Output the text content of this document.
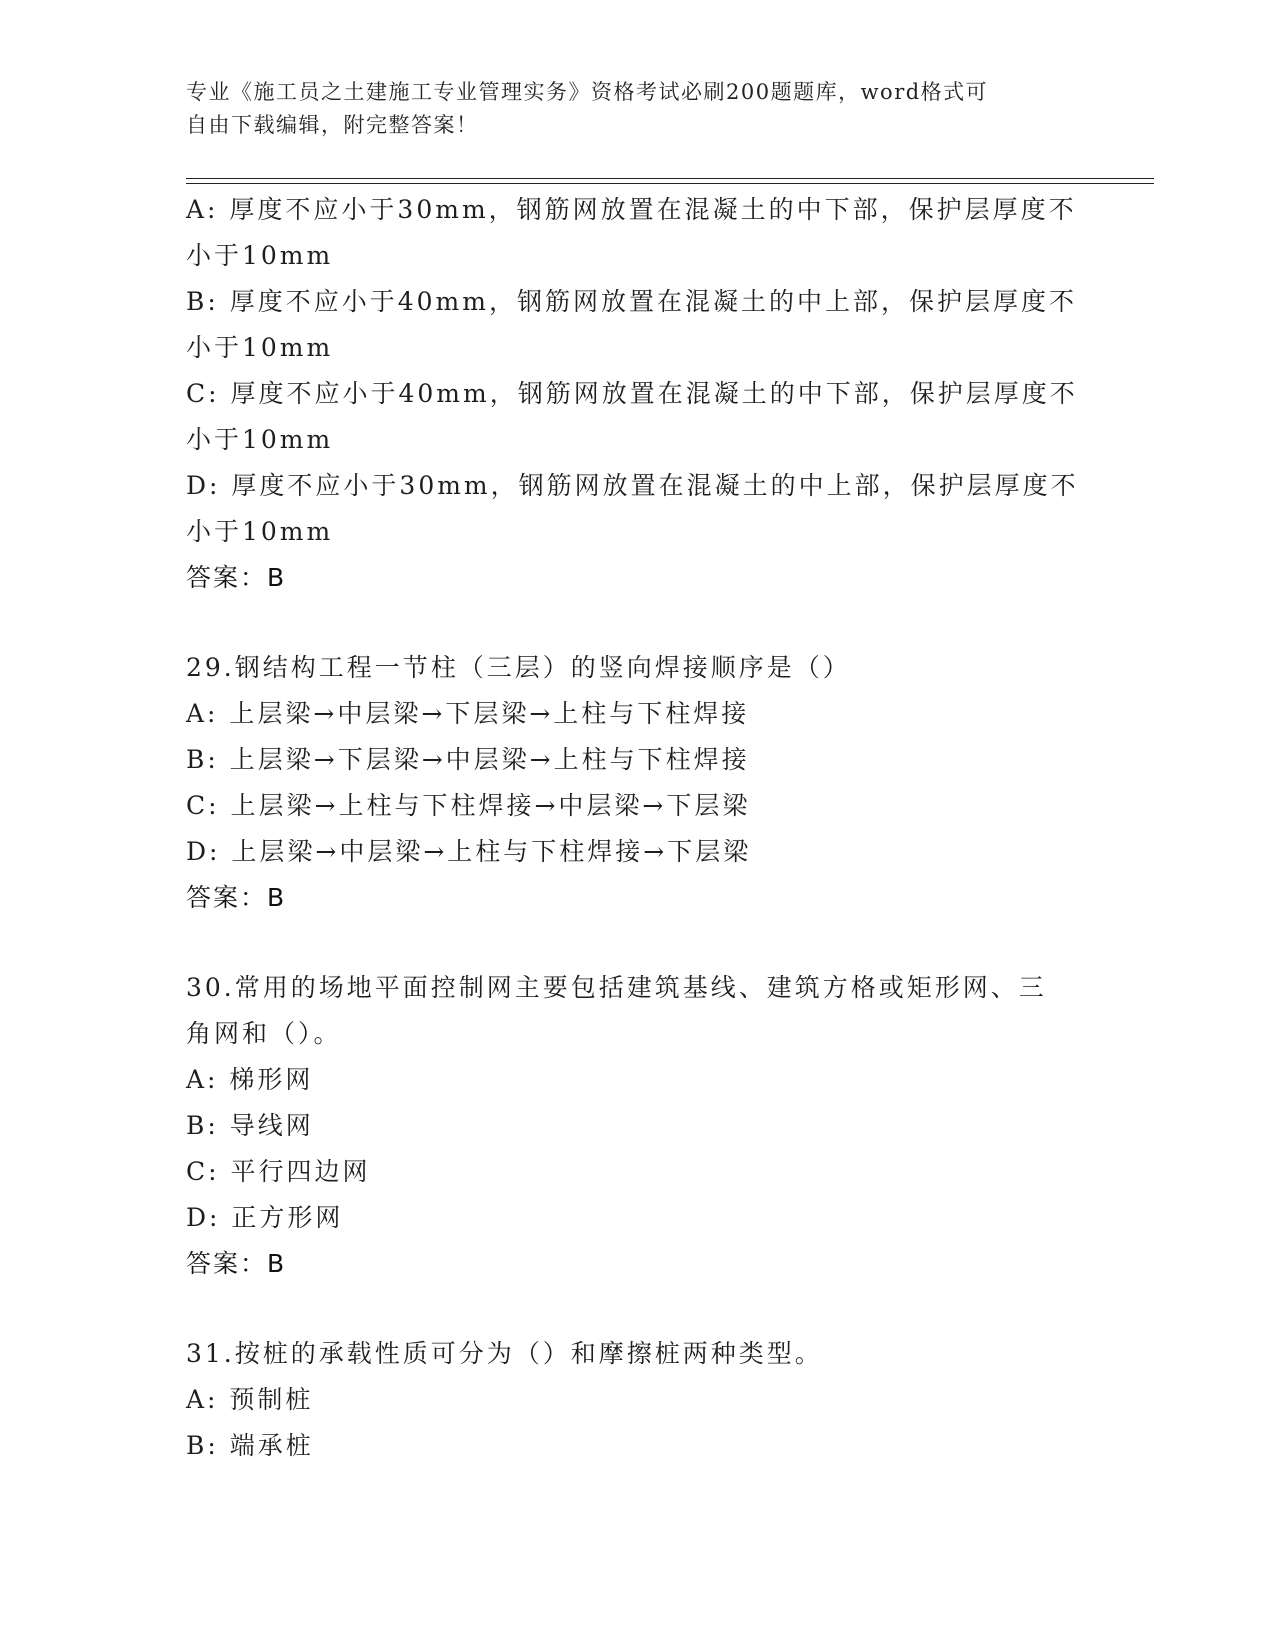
专业《施工员之土建施工专业管理实务》资格考试必刷200题题库，word格式可
自由下载编辑，附完整答案！
A: 厚度不应小于30mm，钢筋网放置在混凝土的中下部，保护层厚度不
小于10mm
B: 厚度不应小于40mm，钢筋网放置在混凝土的中上部，保护层厚度不
小于10mm
C: 厚度不应小于40mm，钢筋网放置在混凝土的中下部，保护层厚度不
小于10mm
D: 厚度不应小于30mm，钢筋网放置在混凝土的中上部，保护层厚度不
小于10mm
答案：B
29.钢结构工程一节柱（三层）的竖向焊接顺序是（）
A: 上层梁→中层梁→下层梁→上柱与下柱焊接
B: 上层梁→下层梁→中层梁→上柱与下柱焊接
C: 上层梁→上柱与下柱焊接→中层梁→下层梁
D: 上层梁→中层梁→上柱与下柱焊接→下层梁
答案：B
30.常用的场地平面控制网主要包括建筑基线、建筑方格或矩形网、三
角网和（）。
A: 梯形网
B: 导线网
C: 平行四边网
D: 正方形网
答案：B
31.按桩的承载性质可分为（）和摩擦桩两种类型。
A: 预制桩
B: 端承桩
